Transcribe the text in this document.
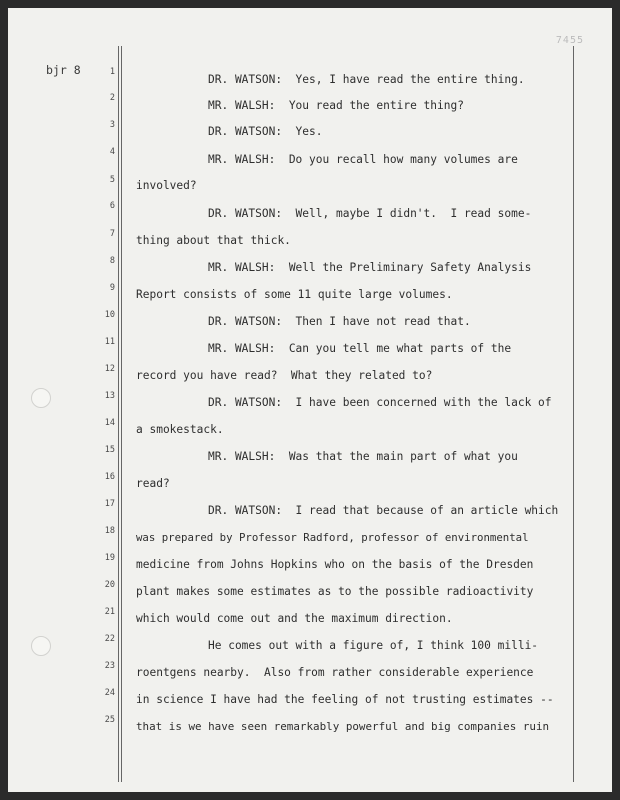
7455
bjr 8	1
2
3
4
5
6
7
8
9
10
11
12
13
14
15
16
17
18
19
20
21
22
23
24
25
DR. WATSON:  Yes, I have read the entire thing.
MR. WALSH:  You read the entire thing?
DR. WATSON:  Yes.
MR. WALSH:  Do you recall how many volumes are
involved?
DR. WATSON:  Well, maybe I didn't.  I read some-
thing about that thick.
MR. WALSH:  Well the Preliminary Safety Analysis
Report consists of some 11 quite large volumes.
DR. WATSON:  Then I have not read that.
MR. WALSH:  Can you tell me what parts of the
record you have read?  What they related to?
DR. WATSON:  I have been concerned with the lack of
a smokestack.
MR. WALSH:  Was that the main part of what you
read?
DR. WATSON:  I read that because of an article which
was prepared by Professor Radford, professor of environmental
medicine from Johns Hopkins who on the basis of the Dresden
plant makes some estimates as to the possible radioactivity
which would come out and the maximum direction.
He comes out with a figure of, I think 100 milli-
roentgens nearby.  Also from rather considerable experience
in science I have had the feeling of not trusting estimates --
that is we have seen remarkably powerful and big companies ruin
